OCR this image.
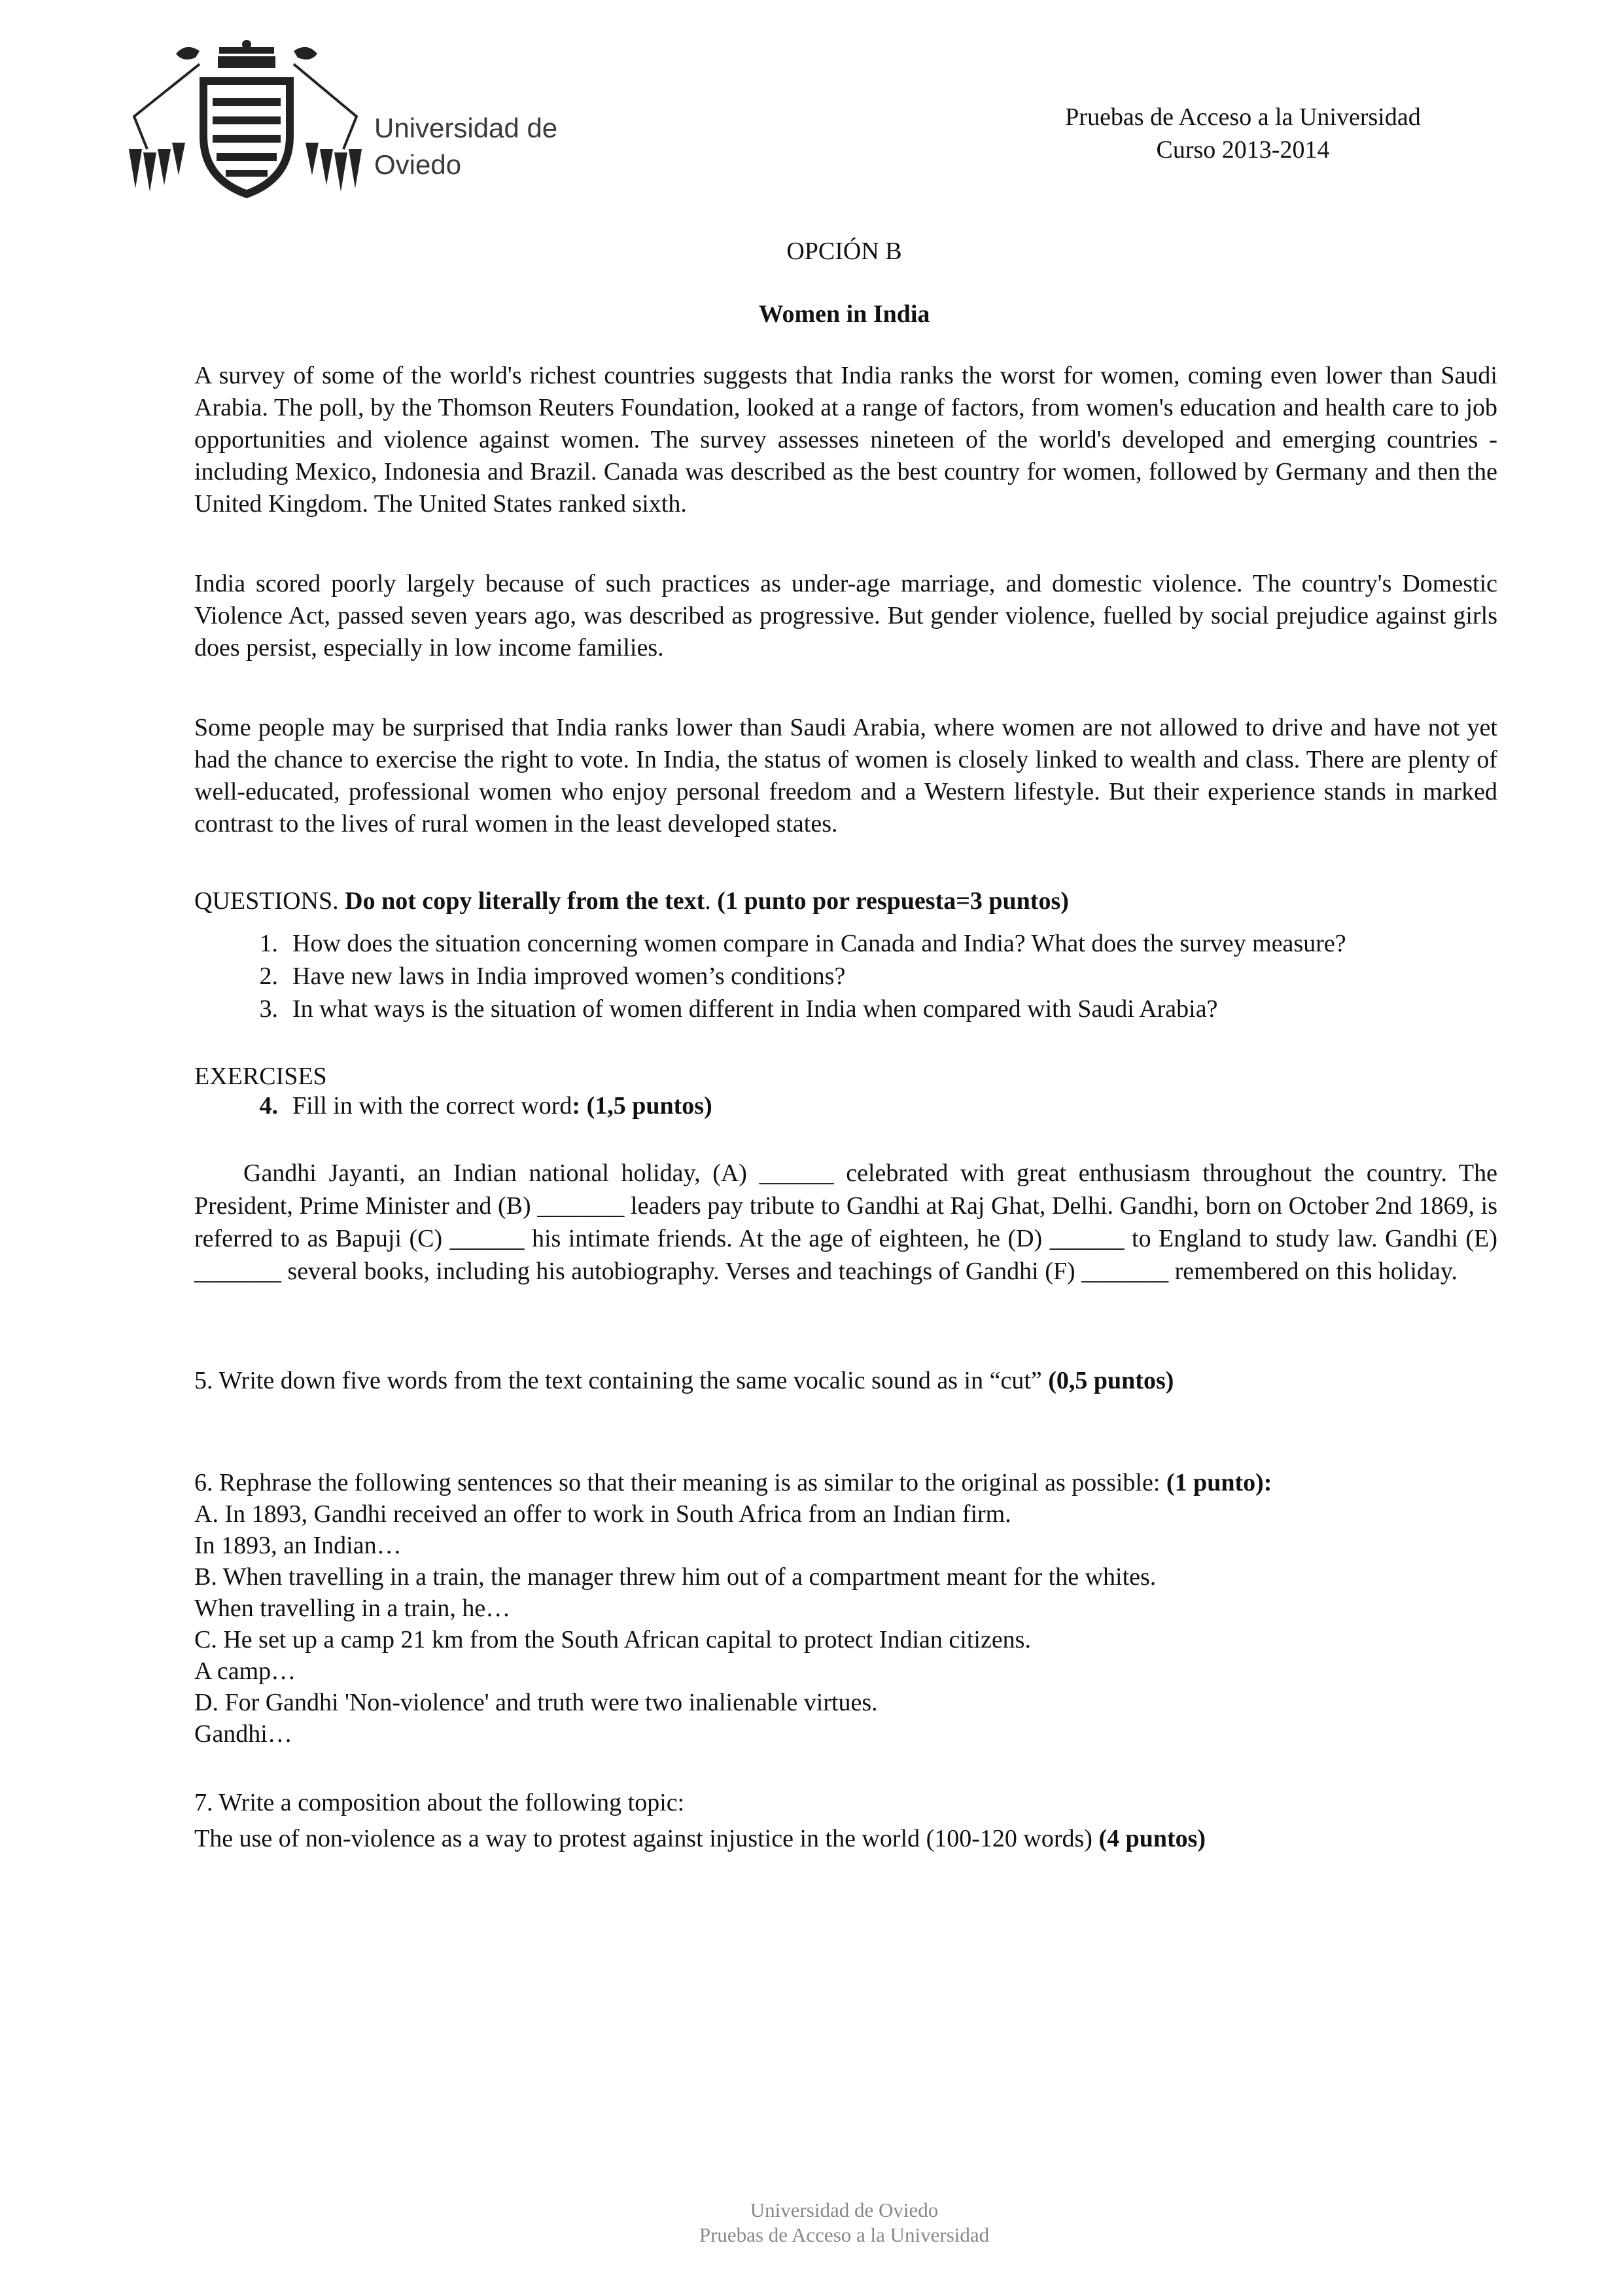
Universidad de
Oviedo
Pruebas de Acceso a la Universidad
Curso 2013-2014
OPCIÓN B
Women in India

A survey of some of the world's richest countries suggests that India ranks the worst for women, coming even lower than Saudi Arabia. The poll, by the Thomson Reuters Foundation, looked at a range of factors, from women's education and health care to job opportunities and violence against women. The survey assesses nineteen of the world's developed and emerging countries - including Mexico, Indonesia and Brazil. Canada was described as the best country for women, followed by Germany and then the United Kingdom. The United States ranked sixth.

India scored poorly largely because of such practices as under-age marriage, and domestic violence. The country's Domestic Violence Act, passed seven years ago, was described as progressive. But gender violence, fuelled by social prejudice against girls does persist, especially in low income families.

Some people may be surprised that India ranks lower than Saudi Arabia, where women are not allowed to drive and have not yet had the chance to exercise the right to vote. In India, the status of women is closely linked to wealth and class. There are plenty of well-educated, professional women who enjoy personal freedom and a Western lifestyle. But their experience stands in marked contrast to the lives of rural women in the least developed states.

QUESTIONS. Do not copy literally from the text. (1 punto por respuesta=3 puntos)
1. How does the situation concerning women compare in Canada and India? What does the survey measure?
2. Have new laws in India improved women’s conditions?
3. In what ways is the situation of women different in India when compared with Saudi Arabia?
EXERCISES
4. Fill in with the correct word: (1,5 puntos)

Gandhi Jayanti, an Indian national holiday, (A) ______ celebrated with great enthusiasm throughout the country. The President, Prime Minister and (B) _______ leaders pay tribute to Gandhi at Raj Ghat, Delhi. Gandhi, born on October 2nd 1869, is referred to as Bapuji (C) ______ his intimate friends. At the age of eighteen, he (D) ______ to England to study law. Gandhi (E) _______ several books, including his autobiography. Verses and teachings of Gandhi (F) _______ remembered on this holiday.

5. Write down five words from the text containing the same vocalic sound as in “cut” (0,5 puntos)
6. Rephrase the following sentences so that their meaning is as similar to the original as possible: (1 punto):
A. In 1893, Gandhi received an offer to work in South Africa from an Indian firm.
In 1893, an Indian…
B. When travelling in a train, the manager threw him out of a compartment meant for the whites.
When travelling in a train, he…
C. He set up a camp 21 km from the South African capital to protect Indian citizens.
A camp…
D. For Gandhi 'Non-violence' and truth were two inalienable virtues.
Gandhi…
7. Write a composition about the following topic:
The use of non-violence as a way to protest against injustice in the world (100-120 words) (4 puntos)
Universidad de Oviedo
Pruebas de Acceso a la Universidad
